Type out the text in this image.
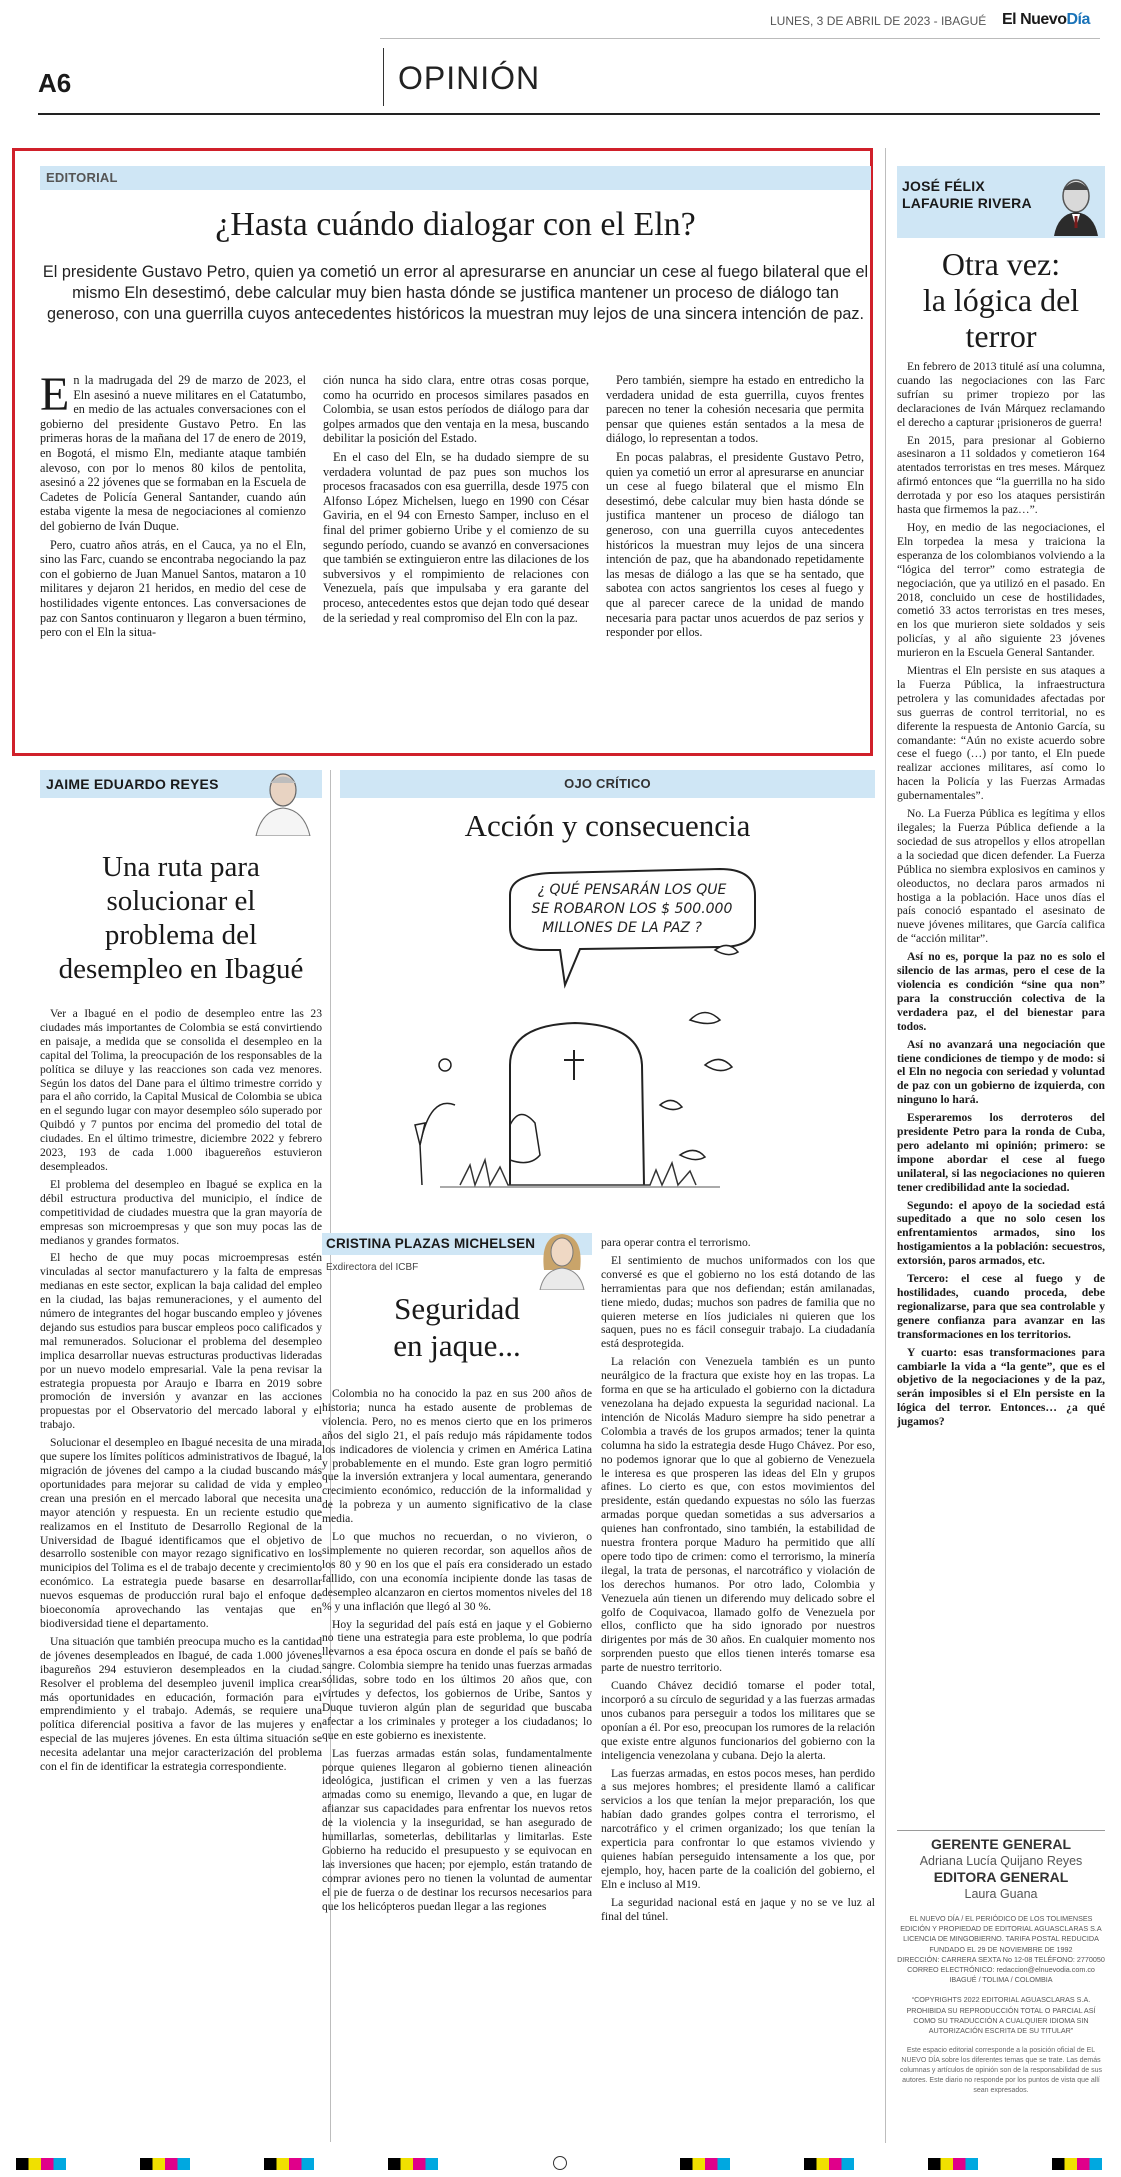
LUNES, 3 DE ABRIL DE 2023 - IBAGUÉ El NuevoDía
A6	OPINIÓN
EDITORIAL
¿Hasta cuándo dialogar con el Eln?
El presidente Gustavo Petro, quien ya cometió un error al apresurarse en anunciar un cese al fuego bilateral que el mismo Eln desestimó, debe calcular muy bien hasta dónde se justifica mantener un proceso de diálogo tan generoso, con una guerrilla cuyos antecedentes históricos la muestran muy lejos de una sincera intención de paz.
E n la madrugada del 29 de marzo de 2023, el Eln asesinó a nueve militares en el Catatumbo, en medio de las actuales conversaciones con el gobierno del presidente Gustavo Petro. En las primeras horas de la mañana del 17 de enero de 2019, en Bogotá, el mismo Eln, mediante ataque también alevoso, con por lo menos 80 kilos de pentolita, asesinó a 22 jóvenes que se formaban en la Escuela de Cadetes de Policía General Santander, cuando aún estaba vigente la mesa de negociaciones al comienzo del gobierno de Iván Duque.

Pero, cuatro años atrás, en el Cauca, ya no el Eln, sino las Farc, cuando se encontraba negociando la paz con el gobierno de Juan Manuel Santos, mataron a 10 militares y dejaron 21 heridos, en medio del cese de hostilidades vigente entonces. Las conversaciones de paz con Santos continuaron y llegaron a buen término, pero con el Eln la situa-

ción nunca ha sido clara, entre otras cosas porque, como ha ocurrido en procesos similares pasados en Colombia, se usan estos períodos de diálogo para dar golpes armados que den ventaja en la mesa, buscando debilitar la posición del Estado.

En el caso del Eln, se ha dudado siempre de su verdadera voluntad de paz pues son muchos los procesos fracasados con esa guerrilla, desde 1975 con Alfonso López Michelsen, luego en 1990 con César Gaviria, en el 94 con Ernesto Samper, incluso en el final del primer gobierno Uribe y el comienzo de su segundo período, cuando se avanzó en conversaciones que también se extinguieron entre las dilaciones de los subversivos y el rompimiento de relaciones con Venezuela, país que impulsaba y era garante del proceso, antecedentes estos que dejan todo qué desear de la seriedad y real compromiso del Eln con la paz.

Pero también, siempre ha estado en entredicho la verdadera unidad de esta guerrilla, cuyos frentes parecen no tener la cohesión necesaria que permita pensar que quienes están sentados a la mesa de diálogo, lo representan a todos.

En pocas palabras, el presidente Gustavo Petro, quien ya cometió un error al apresurarse en anunciar un cese al fuego bilateral que el mismo Eln desestimó, debe calcular muy bien hasta dónde se justifica mantener un proceso de diálogo tan generoso, con una guerrilla cuyos antecedentes históricos la muestran muy lejos de una sincera intención de paz, que ha abandonado repetidamente las mesas de diálogo a las que se ha sentado, que sabotea con actos sangrientos los ceses al fuego y que al parecer carece de la unidad de mando necesaria para pactar unos acuerdos de paz serios y responder por ellos.

JOSÉ FÉLIX
LAFAURIE RIVERA
Otra vez:
la lógica del
terror

En febrero de 2013 titulé así una columna, cuando las negociaciones con las Farc sufrían su primer tropiezo por las declaraciones de Iván Márquez reclamando el derecho a capturar ¡prisioneros de guerra!

En 2015, para presionar al Gobierno asesinaron a 11 soldados y cometieron 164 atentados terroristas en tres meses. Márquez afirmó entonces que “la guerrilla no ha sido derrotada y por eso los ataques persistirán hasta que firmemos la paz…”.

Hoy, en medio de las negociaciones, el Eln torpedea la mesa y traiciona la esperanza de los colombianos volviendo a la “lógica del terror” como estrategia de negociación, que ya utilizó en el pasado. En 2018, concluido un cese de hostilidades, cometió 33 actos terroristas en tres meses, en los que murieron siete soldados y seis policías, y al año siguiente 23 jóvenes murieron en la Escuela General Santander.

Mientras el Eln persiste en sus ataques a la Fuerza Pública, la infraestructura petrolera y las comunidades afectadas por sus guerras de control territorial, no es diferente la respuesta de Antonio García, su comandante: “Aún no existe acuerdo sobre cese el fuego (…) por tanto, el Eln puede realizar acciones militares, así como lo hacen la Policía y las Fuerzas Armadas gubernamentales”.

No. La Fuerza Pública es legítima y ellos ilegales; la Fuerza Pública defiende a la sociedad de sus atropellos y ellos atropellan a la sociedad que dicen defender. La Fuerza Pública no siembra explosivos en caminos y oleoductos, no declara paros armados ni hostiga a la población. Hace unos días el país conoció espantado el asesinato de nueve jóvenes militares, que García califica de “acción militar”.

Así no es, porque la paz no es solo el silencio de las armas, pero el cese de la violencia es condición “sine qua non” para la construcción colectiva de la verdadera paz, el del bienestar para todos.

Así no avanzará una negociación que tiene condiciones de tiempo y de modo: si el Eln no negocia con seriedad y voluntad de paz con un gobierno de izquierda, con ninguno lo hará.

Esperaremos los derroteros del presidente Petro para la ronda de Cuba, pero adelanto mi opinión; primero: se impone abordar el cese al fuego unilateral, si las negociaciones no quieren tener credibilidad ante la sociedad.

Segundo: el apoyo de la sociedad está supeditado a que no solo cesen los enfrentamientos armados, sino los hostigamientos a la población: secuestros, extorsión, paros armados, etc.

Tercero: el cese al fuego y de hostilidades, cuando proceda, debe regionalizarse, para que sea controlable y genere confianza para avanzar en las transformaciones en los territorios.

Y cuarto: esas transformaciones para cambiarle la vida a “la gente”, que es el objetivo de la negociaciones y de la paz, serán imposibles si el Eln persiste en la lógica del terror. Entonces… ¿a qué jugamos?

GERENTE GENERAL
Adriana Lucía Quijano Reyes
EDITORA GENERAL
Laura Guana
EL NUEVO DÍA / EL PERIÓDICO DE LOS TOLIMENSES
EDICIÓN Y PROPIEDAD DE EDITORIAL AGUASCLARAS S.A
LICENCIA DE MINGOBIERNO. TARIFA POSTAL REDUCIDA
FUNDADO EL 29 DE NOVIEMBRE DE 1992
DIRECCIÓN: CARRERA SEXTA No 12-08 TELÉFONO: 2770050
CORREO ELECTRÓNICO: redaccion@elnuevodia.com.co
IBAGUÉ / TOLIMA / COLOMBIA
“COPYRIGHTS 2022 EDITORIAL AGUASCLARAS S.A. PROHIBIDA SU REPRODUCCIÓN TOTAL O PARCIAL ASÍ COMO SU TRADUCCIÓN A CUALQUIER IDIOMA SIN AUTORIZACIÓN ESCRITA DE SU TITULAR”
Este espacio editorial corresponde a la posición oficial de EL NUEVO DÍA sobre los diferentes temas que se trate. Las demás columnas y artículos de opinión son de la responsabilidad de sus autores. Este diario no responde por los puntos de vista que allí sean expresados.
JAIME EDUARDO REYES
Una ruta para
solucionar el
problema del
desempleo en Ibagué

Ver a Ibagué en el podio de desempleo entre las 23 ciudades más importantes de Colombia se está convirtiendo en paisaje, a medida que se consolida el desempleo en la capital del Tolima, la preocupación de los responsables de la política se diluye y las reacciones son cada vez menores. Según los datos del Dane para el último trimestre corrido y para el año corrido, la Capital Musical de Colombia se ubica en el segundo lugar con mayor desempleo sólo superado por Quibdó y 7 puntos por encima del promedio del total de ciudades. En el último trimestre, diciembre 2022 y febrero 2023, 193 de cada 1.000 ibaguereños estuvieron desempleados.

El problema del desempleo en Ibagué se explica en la débil estructura productiva del municipio, el índice de competitividad de ciudades muestra que la gran mayoría de empresas son microempresas y que son muy pocas las de medianos y grandes formatos.

El hecho de que muy pocas microempresas estén vinculadas al sector manufacturero y la falta de empresas medianas en este sector, explican la baja calidad del empleo en la ciudad, las bajas remuneraciones, y el aumento del número de integrantes del hogar buscando empleo y jóvenes dejando sus estudios para buscar empleos poco calificados y mal remunerados. Solucionar el problema del desempleo implica desarrollar nuevas estructuras productivas lideradas por un nuevo modelo empresarial. Vale la pena revisar la estrategia propuesta por Araujo e Ibarra en 2019 sobre promoción de inversión y avanzar en las acciones propuestas por el Observatorio del mercado laboral y el trabajo.

Solucionar el desempleo en Ibagué necesita de una mirada que supere los límites políticos administrativos de Ibagué, la migración de jóvenes del campo a la ciudad buscando más oportunidades para mejorar su calidad de vida y empleo crean una presión en el mercado laboral que necesita una mayor atención y respuesta. En un reciente estudio que realizamos en el Instituto de Desarrollo Regional de la Universidad de Ibagué identificamos que el objetivo de desarrollo sostenible con mayor rezago significativo en los municipios del Tolima es el de trabajo decente y crecimiento económico. La estrategia puede basarse en desarrollar nuevos esquemas de producción rural bajo el enfoque de bioeconomía aprovechando las ventajas que en biodiversidad tiene el departamento.

Una situación que también preocupa mucho es la cantidad de jóvenes desempleados en Ibagué, de cada 1.000 jóvenes ibagureños 294 estuvieron desempleados en la ciudad. Resolver el problema del desempleo juvenil implica crear más oportunidades en educación, formación para el emprendimiento y el trabajo. Además, se requiere una política diferencial positiva a favor de las mujeres y en especial de las mujeres jóvenes. En esta última situación se necesita adelantar una mejor caracterización del problema con el fin de identificar la estrategia correspondiente.

OJO CRÍTICO
Acción y consecuencia
¿ QUÉ PENSARÁN LOS QUE
SE ROBARON LOS $ 500.000
MILLONES DE LA PAZ ?
CRISTINA PLAZAS MICHELSEN
Exdirectora del ICBF
Seguridad
en jaque...

Colombia no ha conocido la paz en sus 200 años de historia; nunca ha estado ausente de problemas de violencia. Pero, no es menos cierto que en los primeros años del siglo 21, el país redujo más rápidamente todos los indicadores de violencia y crimen en América Latina y probablemente en el mundo. Este gran logro permitió que la inversión extranjera y local aumentara, generando crecimiento económico, reducción de la informalidad y de la pobreza y un aumento significativo de la clase media.

Lo que muchos no recuerdan, o no vivieron, o simplemente no quieren recordar, son aquellos años de los 80 y 90 en los que el país era considerado un estado fallido, con una economía incipiente donde las tasas de desempleo alcanzaron en ciertos momentos niveles del 18 % y una inflación que llegó al 30 %.

Hoy la seguridad del país está en jaque y el Gobierno no tiene una estrategia para este problema, lo que podría llevarnos a esa época oscura en donde el país se bañó de sangre. Colombia siempre ha tenido unas fuerzas armadas sólidas, sobre todo en los últimos 20 años que, con virtudes y defectos, los gobiernos de Uribe, Santos y Duque tuvieron algún plan de seguridad que buscaba afectar a los criminales y proteger a los ciudadanos; lo que en este gobierno es inexistente.

Las fuerzas armadas están solas, fundamentalmente porque quienes llegaron al gobierno tienen alineación ideológica, justifican el crimen y ven a las fuerzas armadas como su enemigo, llevando a que, en lugar de afianzar sus capacidades para enfrentar los nuevos retos de la violencia y la inseguridad, se han asegurado de humillarlas, someterlas, debilitarlas y limitarlas. Este Gobierno ha reducido el presupuesto y se equivocan en las inversiones que hacen; por ejemplo, están tratando de comprar aviones pero no tienen la voluntad de aumentar el pie de fuerza o de destinar los recursos necesarios para que los helicópteros puedan llegar a las regiones

para operar contra el terrorismo.

El sentimiento de muchos uniformados con los que conversé es que el gobierno no los está dotando de las herramientas para que nos defiendan; están amilanadas, tiene miedo, dudas; muchos son padres de familia que no quieren meterse en líos judiciales ni quieren que los saquen, pues no es fácil conseguir trabajo. La ciudadanía está desprotegida.

La relación con Venezuela también es un punto neurálgico de la fractura que existe hoy en las tropas. La forma en que se ha articulado el gobierno con la dictadura venezolana ha dejado expuesta la seguridad nacional. La intención de Nicolás Maduro siempre ha sido penetrar a Colombia a través de los grupos armados; tener la quinta columna ha sido la estrategia desde Hugo Chávez. Por eso, no podemos ignorar que lo que al gobierno de Venezuela le interesa es que prosperen las ideas del Eln y grupos afines. Lo cierto es que, con estos movimientos del presidente, están quedando expuestas no sólo las fuerzas armadas porque quedan sometidas a sus adversarios a quienes han confrontado, sino también, la estabilidad de nuestra frontera porque Maduro ha permitido que allí opere todo tipo de crimen: como el terrorismo, la minería ilegal, la trata de personas, el narcotráfico y violación de los derechos humanos. Por otro lado, Colombia y Venezuela aún tienen un diferendo muy delicado sobre el golfo de Coquivacoa, llamado golfo de Venezuela por ellos, conflicto que ha sido ignorado por nuestros dirigentes por más de 30 años. En cualquier momento nos sorprenden puesto que ellos tienen interés tomarse esa parte de nuestro territorio.

Cuando Chávez decidió tomarse el poder total, incorporó a su círculo de seguridad y a las fuerzas armadas unos cubanos para perseguir a todos los militares que se oponían a él. Por eso, preocupan los rumores de la relación que existe entre algunos funcionarios del gobierno con la inteligencia venezolana y cubana. Dejo la alerta.

Las fuerzas armadas, en estos pocos meses, han perdido a sus mejores hombres; el presidente llamó a calificar servicios a los que tenían la mejor preparación, los que habían dado grandes golpes contra el terrorismo, el narcotráfico y el crimen organizado; los que tenían la experticia para confrontar lo que estamos viviendo y quienes habían perseguido intensamente a los que, por ejemplo, hoy, hacen parte de la coalición del gobierno, el Eln e incluso al M19.

La seguridad nacional está en jaque y no se ve luz al final del túnel.
